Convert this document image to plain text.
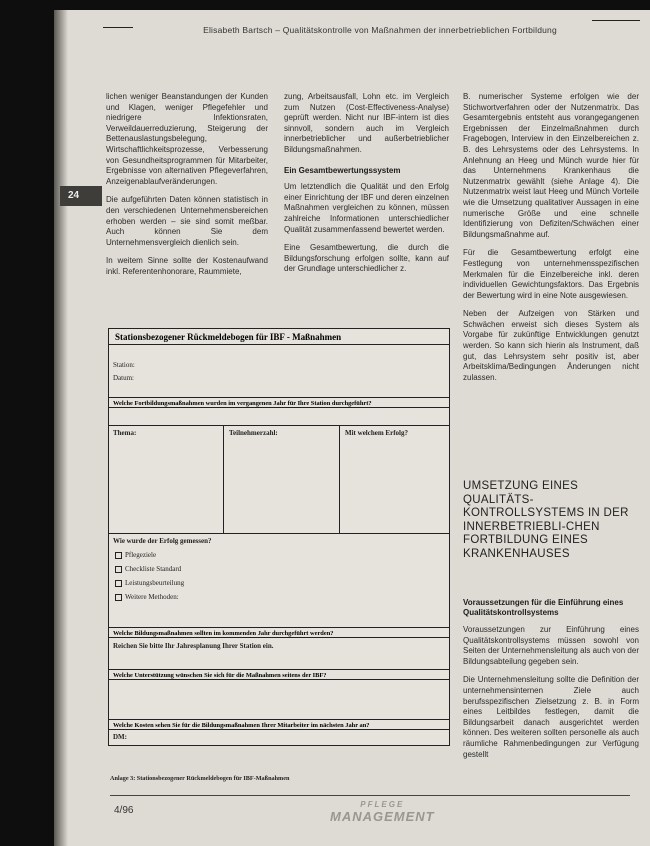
Elisabeth Bartsch – Qualitätskontrolle von Maßnahmen der innerbetrieblichen Fortbildung
24

lichen weniger Beanstandungen der Kunden und Klagen, weniger Pflegefehler und niedrigere Infektionsraten, Verweildauerreduzierung, Steigerung der Bettenauslastungsbelegung, Wirtschaftlichkeitsprozesse, Verbesserung von Gesundheitsprogrammen für Mitarbeiter, Ergebnisse von alternativen Pflegeverfahren, Anzeigenablaufveränderungen.

Die aufgeführten Daten können statistisch in den verschiedenen Unternehmensbereichen erhoben werden – sie sind somit meßbar. Auch können Sie dem Unternehmensvergleich dienlich sein.

In weitem Sinne sollte der Kostenaufwand inkl. Referentenhonorare, Raummiete,

zung, Arbeitsausfall, Lohn etc. im Vergleich zum Nutzen (Cost-Effectiveness-Analyse) geprüft werden. Nicht nur IBF-intern ist dies sinnvoll, sondern auch im Vergleich innerbetrieblicher und außerbetrieblicher Bildungsmaßnahmen.

Ein Gesamtbewertungssystem

Um letztendlich die Qualität und den Erfolg einer Einrichtung der IBF und deren einzelnen Maßnahmen vergleichen zu können, müssen zahlreiche Informationen unterschiedlicher Qualität zusammenfassend bewertet werden.

Eine Gesamtbewertung, die durch die Bildungsforschung erfolgen sollte, kann auf der Grundlage unterschiedlicher z.

B. numerischer Systeme erfolgen wie der Stichwortverfahren oder der Nutzenmatrix. Das Gesamtergebnis entsteht aus vorangegangenen Ergebnissen der Einzelmaßnahmen durch Fragebogen, Interview in den Einzelbereichen z. B. des Lehrsystems oder des Lehrsystems. In Anlehnung an Heeg und Münch wurde hier für das Unternehmens Krankenhaus die Nutzenmatrix gewählt (siehe Anlage 4). Die Nutzenmatrix weist laut Heeg und Münch Vorteile wie die Umsetzung qualitativer Aussagen in eine numerische Größe und eine schnelle Identifizierung von Defiziten/Schwächen einer Bildungsmaßnahme auf.

Für die Gesamtbewertung erfolgt eine Festlegung von unternehmensspezifischen Merkmalen für die Einzelbereiche inkl. deren individuellen Gewichtungsfaktors. Das Ergebnis der Bewertung wird in eine Note ausgewiesen.

Neben der Aufzeigen von Stärken und Schwächen erweist sich dieses System als Vorgabe für zukünftige Entwicklungen genutzt werden. So kann sich hierin als Instrument, daß gut, das Lehrsystem sehr positiv ist, aber Arbeitsklima/Bedingungen Änderungen nicht zulassen.

UMSETZUNG EINES QUALITÄTS-KONTROLLSYSTEMS IN DER INNERBETRIEBLI-CHEN FORTBILDUNG EINES KRANKENHAUSES
Voraussetzungen für die Einführung eines Qualitätskontrollsystems

Voraussetzungen zur Einführung eines Qualitätskontrollsystems müssen sowohl von Seiten der Unternehmensleitung als auch von der Bildungsabteilung gegeben sein.

Die Unternehmensleitung sollte die Definition der unternehmensinternen Ziele auch berufsspezifischen Zielsetzung z. B. in Form eines Leitbildes festlegen, damit die Bildungsarbeit danach ausgerichtet werden können. Des weiteren sollten personelle als auch räumliche Rahmenbedingungen zur Verfügung gestellt

Stationsbezogener Rückmeldebogen für IBF - Maßnahmen
Station:
Datum:
Welche Fortbildungsmaßnahmen wurden im vergangenen Jahr für Ihre Station durchgeführt?
Thema:	Teilnehmerzahl:	Mit welchem Erfolg?
Wie wurde der Erfolg gemessen?
Pflegeziele
Checkliste Standard
Leistungsbeurteilung
Weitere Methoden:
Welche Bildungsmaßnahmen sollten im kommenden Jahr durchgeführt werden?
Reichen Sie bitte Ihr Jahresplanung Ihrer Station ein.
Welche Unterstützung wünschen Sie sich für die Maßnahmen seitens der IBF?
Welche Kosten sehen Sie für die Bildungsmaßnahmen Ihrer Mitarbeiter im nächsten Jahr an?
DM:
Anlage 3: Stationsbezogener Rückmeldebogen für IBF-Maßnahmen
4/96
PFLEGE
MANAGEMENT
